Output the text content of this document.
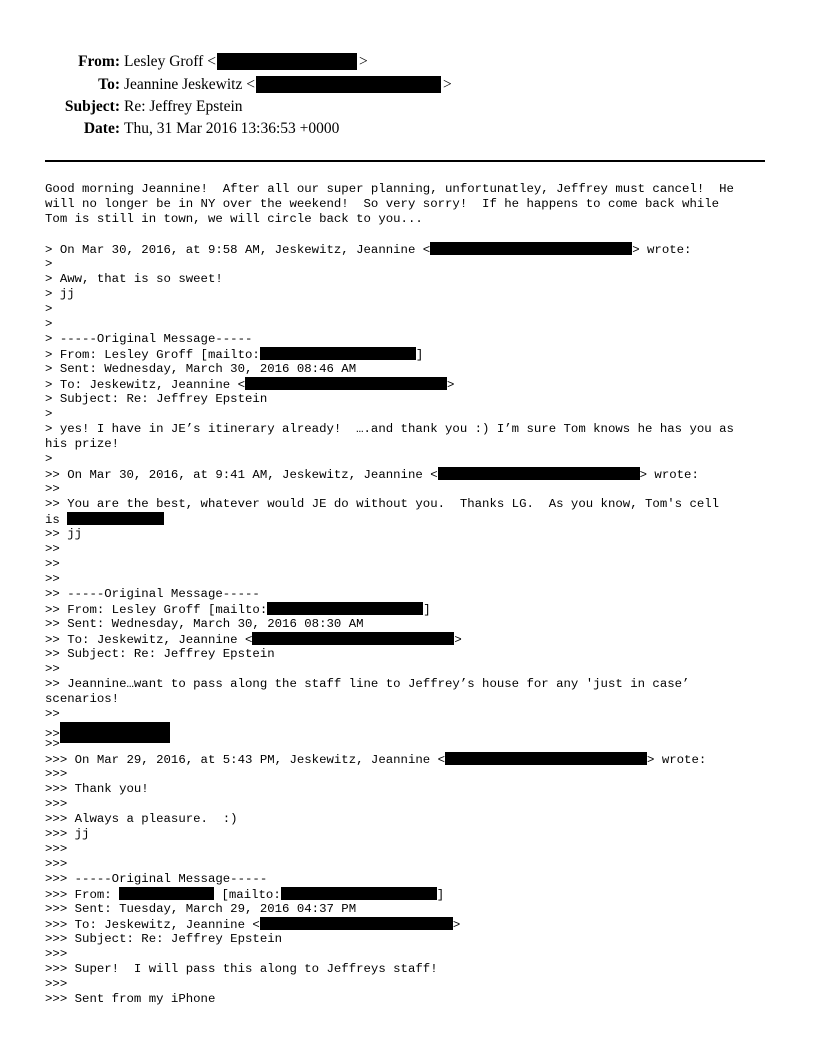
From: Lesley Groff <	>
To: Jeannine Jeskewitz <	>
Subject: Re: Jeffrey Epstein
Date: Thu, 31 Mar 2016 13:36:53 +0000
Good morning Jeannine!  After all our super planning, unfortunatley, Jeffrey must cancel!  He
will no longer be in NY over the weekend!  So very sorry!  If he happens to come back while
Tom is still in town, we will circle back to you...
> On Mar 30, 2016, at 9:58 AM, Jeskewitz, Jeannine <	> wrote:
>
> Aww, that is so sweet!
> jj
>
>
> -----Original Message-----
> From: Lesley Groff [mailto:	]
> Sent: Wednesday, March 30, 2016 08:46 AM
> To: Jeskewitz, Jeannine <	>
> Subject: Re: Jeffrey Epstein
>
> yes! I have in JE’s itinerary already!  ….and thank you :) I’m sure Tom knows he has you as
his prize!
>
>> On Mar 30, 2016, at 9:41 AM, Jeskewitz, Jeannine <	> wrote:
>>
>> You are the best, whatever would JE do without you.  Thanks LG.  As you know, Tom's cell
is
>> jj
>>
>>
>>
>> -----Original Message-----
>> From: Lesley Groff [mailto:	]
>> Sent: Wednesday, March 30, 2016 08:30 AM
>> To: Jeskewitz, Jeannine <	>
>> Subject: Re: Jeffrey Epstein
>>
>> Jeannine…want to pass along the staff line to Jeffrey’s house for any 'just in case’
scenarios!
>>
>>
>>
>>> On Mar 29, 2016, at 5:43 PM, Jeskewitz, Jeannine <	> wrote:
>>>
>>> Thank you!
>>>
>>> Always a pleasure.  :)
>>> jj
>>>
>>>
>>> -----Original Message-----
>>> From:	[mailto:	]
>>> Sent: Tuesday, March 29, 2016 04:37 PM
>>> To: Jeskewitz, Jeannine <	>
>>> Subject: Re: Jeffrey Epstein
>>>
>>> Super!  I will pass this along to Jeffreys staff!
>>>
>>> Sent from my iPhone
